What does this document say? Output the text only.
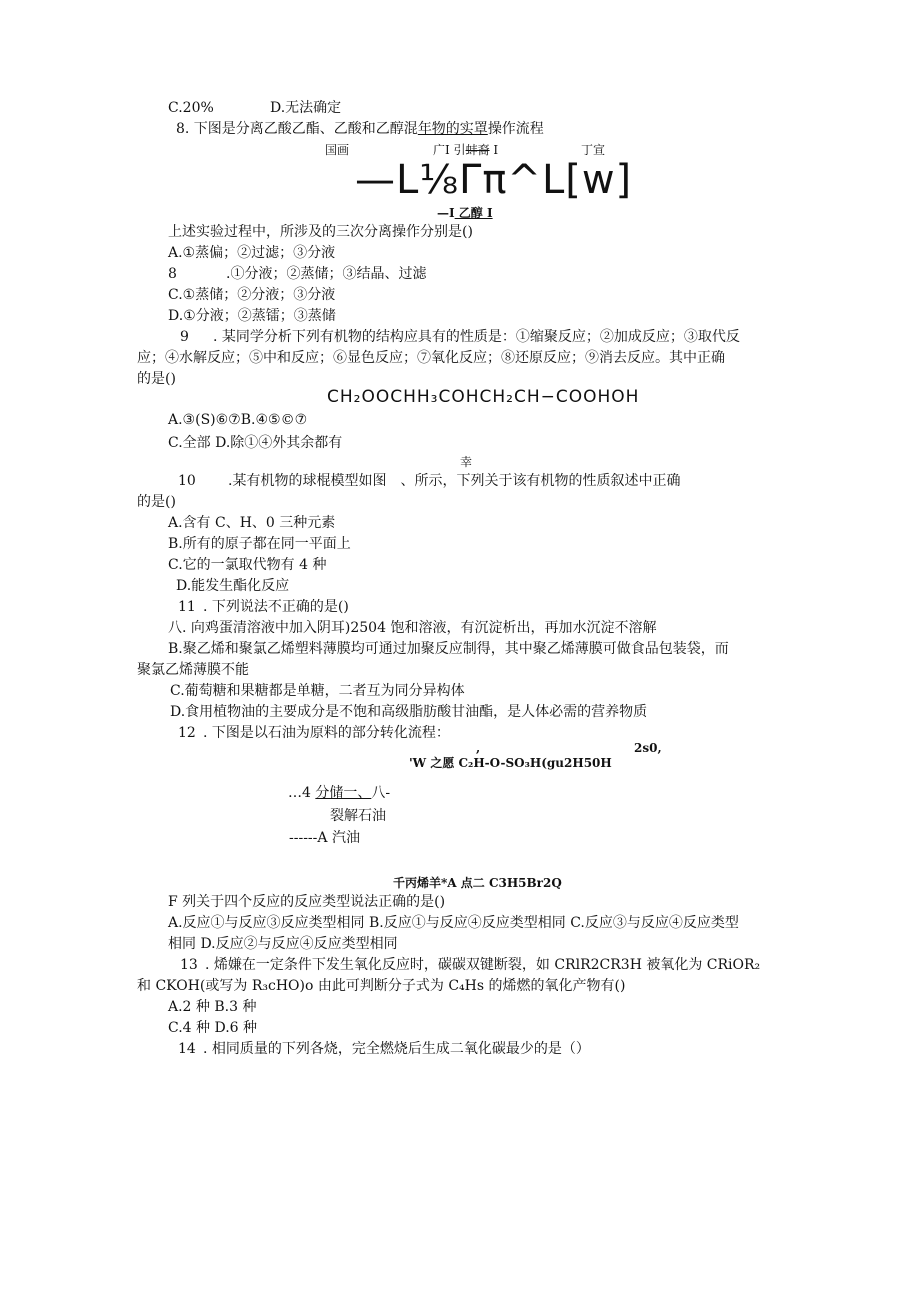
C.20%	D.无法确定
8. 下图是分离乙酸乙酯、乙酸和乙醇混年物的实罩操作流程
国画	广I 引蚌裔 I	丁宣
—L⅛Γπ^L[w]
—I 乙醇 I
上述实验过程中，所涉及的三次分离操作分别是()
A.①蒸偏；②过滤；③分液
8	.①分液；②蒸储；③结晶、过滤
C.①蒸储；②分液；③分液
D.①分液；②蒸镭；③蒸储
9 . 某同学分析下列有机物的结构应具有的性质是：①缩聚反应；②加成反应；③取代反
应；④水解反应；⑤中和反应；⑥显色反应；⑦氧化反应；⑧还原反应；⑨消去反应。其中正确
的是()
CH₂OOCHH₃COHCH₂CH−COOHOH
A.③(S)⑥⑦B.④⑤©⑦
C.全部 D.除①④外其余都有
幸
10 .某有机物的球棍模型如图　、所示，下列关于该有机物的性质叙述中正确
的是()
A.含有 C、H、0 三种元素
B.所有的原子都在同一平面上
C.它的一氯取代物有 4 种
D.能发生酯化反应
11 . 下列说法不正确的是()
八. 向鸡蛋清溶液中加入阴耳)2504 饱和溶液，有沉淀析出，再加水沉淀不溶解
B.聚乙烯和聚氯乙烯塑料薄膜均可通过加聚反应制得，其中聚乙烯薄膜可做食品包装袋，而
聚氯乙烯薄膜不能
C.葡萄糖和果糖都是单糖，二者互为同分异构体
D.食用植物油的主要成分是不饱和高级脂肪酸甘油酯，是人体必需的营养物质
12 . 下图是以石油为原料的部分转化流程：
,	2s0,
'W 之愿 C₂H-O-SO₃H(gu2H50H
…4 分储一、八-
裂解石油
------A 汽油
千丙烯羊*A 点二 C3H5Br2Q
F 列关于四个反应的反应类型说法正确的是()
A.反应①与反应③反应类型相同 B.反应①与反应④反应类型相同 C.反应③与反应④反应类型
相同 D.反应②与反应④反应类型相同
13 . 烯嫌在一定条件下发生氧化反应时，碳碳双键断裂，如 CRlR2CR3H 被氧化为 CRiOR₂
和 CKOH(或写为 R₃cHO)o 由此可判断分子式为 C₄Hs 的烯燃的氧化产物有()
A.2 种 B.3 种
C.4 种 D.6 种
14 . 相同质量的下列各烧，完全燃烧后生成二氧化碳最少的是（）
